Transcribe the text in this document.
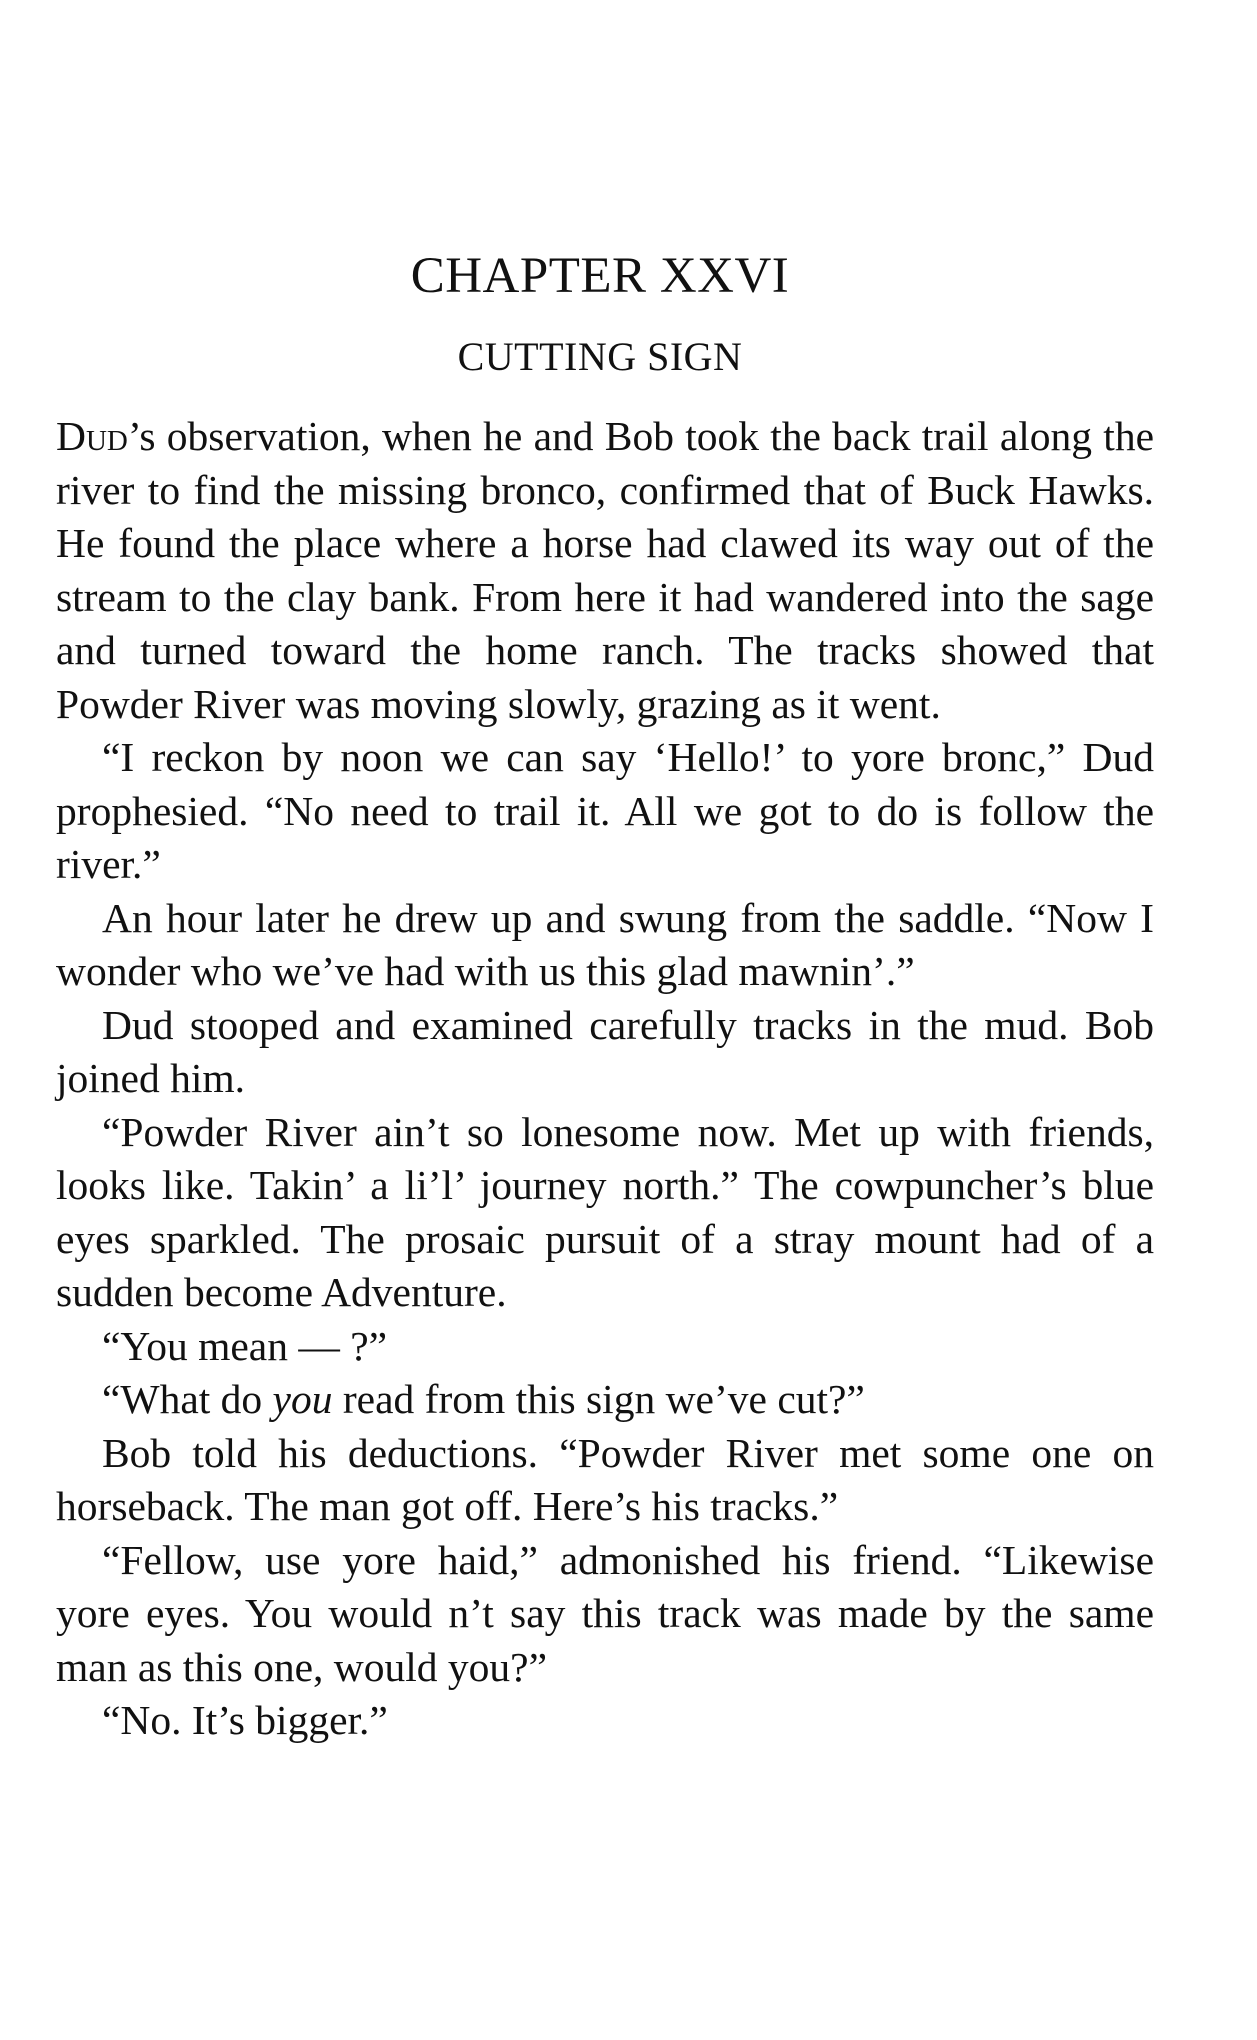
CHAPTER XXVI
CUTTING SIGN

Dud’s observation, when he and Bob took the back trail along the river to find the missing bronco, confirmed that of Buck Hawks. He found the place where a horse had clawed its way out of the stream to the clay bank. From here it had wandered into the sage and turned toward the home ranch. The tracks showed that Powder River was moving slowly, grazing as it went.

“I reckon by noon we can say ‘Hello!’ to yore bronc,” Dud prophesied. “No need to trail it. All we got to do is follow the river.”

An hour later he drew up and swung from the saddle. “Now I wonder who we’ve had with us this glad mawnin’.”

Dud stooped and examined carefully tracks in the mud. Bob joined him.

“Powder River ain’t so lonesome now. Met up with friends, looks like. Takin’ a li’l’ journey north.” The cowpuncher’s blue eyes sparkled. The prosaic pursuit of a stray mount had of a sudden become Adventure.

“You mean — ?”

“What do you read from this sign we’ve cut?”

Bob told his deductions. “Powder River met some one on horseback. The man got off. Here’s his tracks.”

“Fellow, use yore haid,” admonished his friend. “Likewise yore eyes. You would n’t say this track was made by the same man as this one, would you?”

“No. It’s bigger.”
